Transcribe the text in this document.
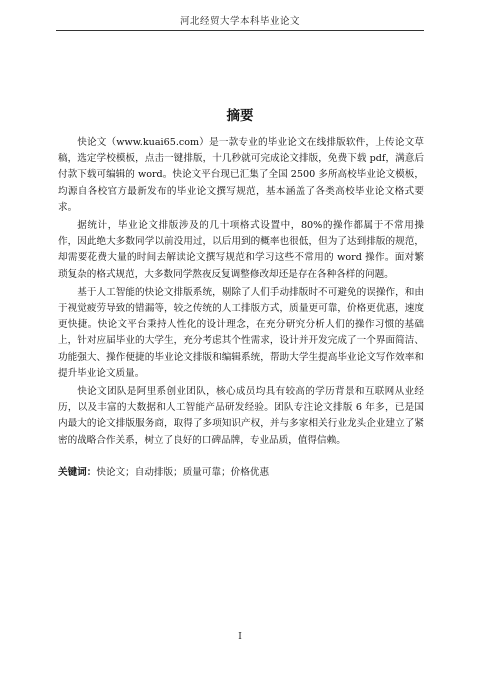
河北经贸大学本科毕业论文
摘要

快论文（www.kuai65.com）是一款专业的毕业论文在线排版软件，上传论文草稿，选定学校模板，点击一键排版，十几秒就可完成论文排版，免费下载 pdf，满意后付款下载可编辑的 word。快论文平台现已汇集了全国 2500 多所高校毕业论文模板，均源自各校官方最新发布的毕业论文撰写规范，基本涵盖了各类高校毕业论文格式要求。

据统计，毕业论文排版涉及的几十项格式设置中，80%的操作都属于不常用操作，因此绝大多数同学以前没用过，以后用到的概率也很低，但为了达到排版的规范，却需要花费大量的时间去解读论文撰写规范和学习这些不常用的 word 操作。面对繁琐复杂的格式规范，大多数同学熬夜反复调整修改却还是存在各种各样的问题。

基于人工智能的快论文排版系统，剔除了人们手动排版时不可避免的误操作，和由于视觉疲劳导致的错漏等，较之传统的人工排版方式，质量更可靠，价格更优惠，速度更快捷。快论文平台秉持人性化的设计理念，在充分研究分析人们的操作习惯的基础上，针对应届毕业的大学生，充分考虑其个性需求，设计并开发完成了一个界面简洁、功能强大、操作便捷的毕业论文排版和编辑系统，帮助大学生提高毕业论文写作效率和提升毕业论文质量。

快论文团队是阿里系创业团队，核心成员均具有较高的学历背景和互联网从业经历，以及丰富的大数据和人工智能产品研发经验。团队专注论文排版 6 年多，已是国内最大的论文排版服务商，取得了多项知识产权，并与多家相关行业龙头企业建立了紧密的战略合作关系，树立了良好的口碑品牌，专业品质，值得信赖。

关键词：快论文；自动排版；质量可靠；价格优惠
I
